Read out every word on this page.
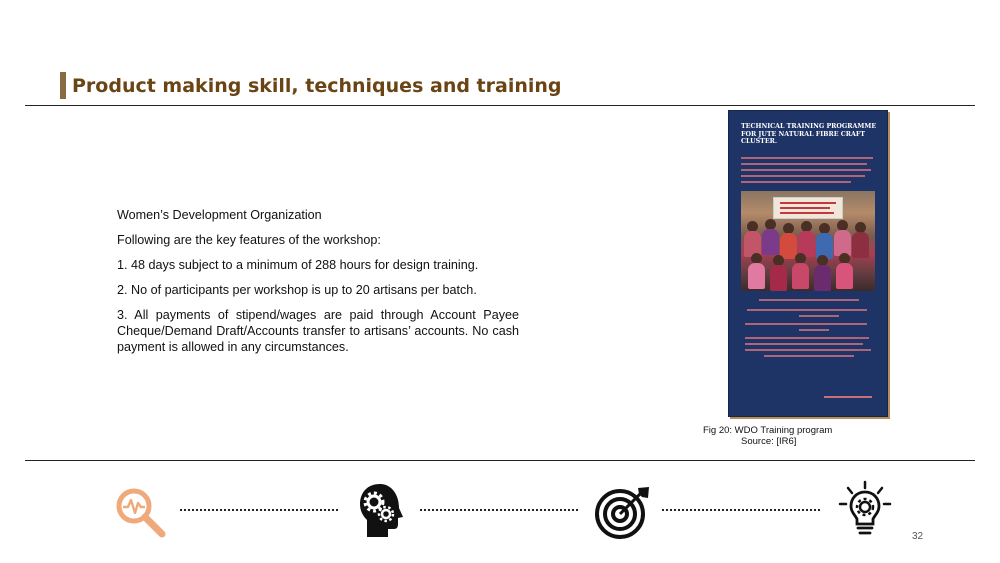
Product making skill, techniques and training

Women’s Development Organization

Following are the key features of the workshop:

1. 48 days subject to a minimum of 288 hours for design training.

2. No of participants per workshop is up to 20 artisans per batch.

3. All payments of stipend/wages are paid through Account Payee Cheque/Demand Draft/Accounts transfer to artisans’ accounts. No cash payment is allowed in any circumstances.

TECHNICAL TRAINING PROGRAMME FOR JUTE NATURAL FIBRE CRAFT CLUSTER.
Fig 20: WDO Training program
Source: [IR6]
32
